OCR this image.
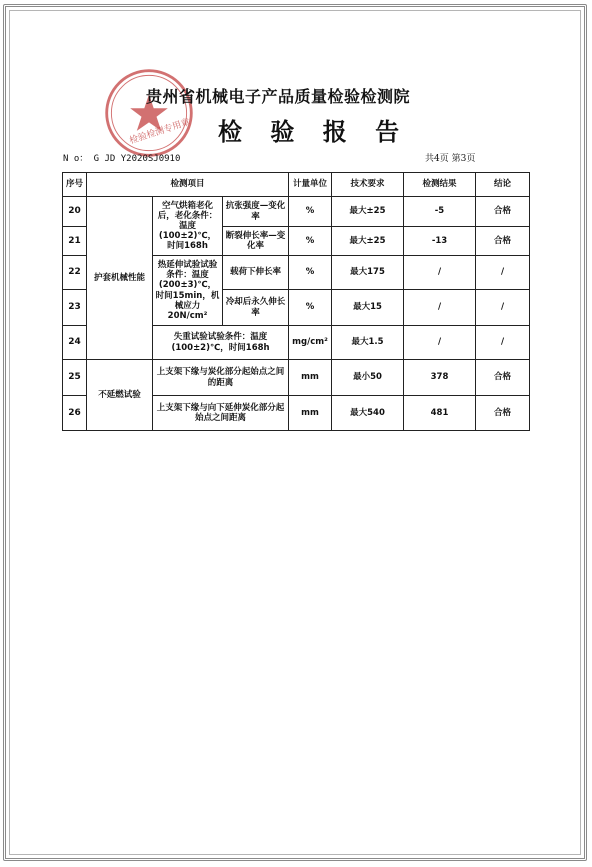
检验检测专用章
贵州省机械电子产品质量检验检测院
检 验 报 告
N o： G JD Y2020SJ0910	共4页 第3页
序号	检测项目			计量单位	技术要求	检测结果	结论
20	护套机械性能	空气烘箱老化后，老化条件：温度(100±2)℃，时间168h	抗张强度—变化率	%	最大±25	-5	合格
21			断裂伸长率—变化率	%	最大±25	-13	合格
22		热延伸试验试验条件：温度(200±3)℃，时间15min，机械应力20N/cm²	载荷下伸长率	%	最大175	/	/
23			冷却后永久伸长率	%	最大15	/	/
24		失重试验试验条件：温度(100±2)℃，时间168h		mg/cm²	最大1.5	/	/
25	不延燃试验	上支架下缘与炭化部分起始点之间的距离		mm	最小50	378	合格
26		上支架下缘与向下延伸炭化部分起始点之间距离		mm	最大540	481	合格
